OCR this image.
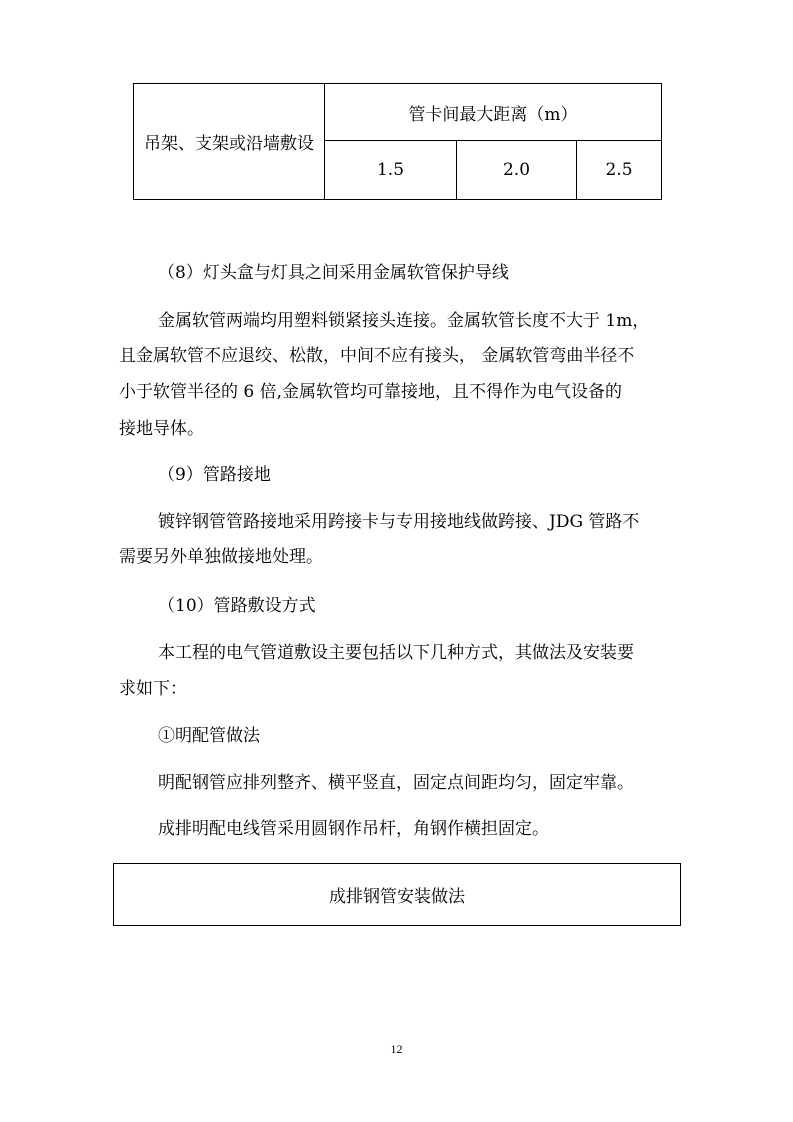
吊架、支架或沿墙敷设	管卡间最大距离（m）		
	1.5	2.0	2.5
（8）灯头盒与灯具之间采用金属软管保护导线
金属软管两端均用塑料锁紧接头连接。金属软管长度不大于 1m，
且金属软管不应退绞、松散，中间不应有接头， 金属软管弯曲半径不
小于软管半径的 6 倍,金属软管均可靠接地，且不得作为电气设备的
接地导体。
（9）管路接地
镀锌钢管管路接地采用跨接卡与专用接地线做跨接、JDG 管路不
需要另外单独做接地处理。
（10）管路敷设方式
本工程的电气管道敷设主要包括以下几种方式，其做法及安装要
求如下：
①明配管做法
明配钢管应排列整齐、横平竖直，固定点间距均匀，固定牢靠。
成排明配电线管采用圆钢作吊杆，角钢作横担固定。
成排钢管安装做法
12
